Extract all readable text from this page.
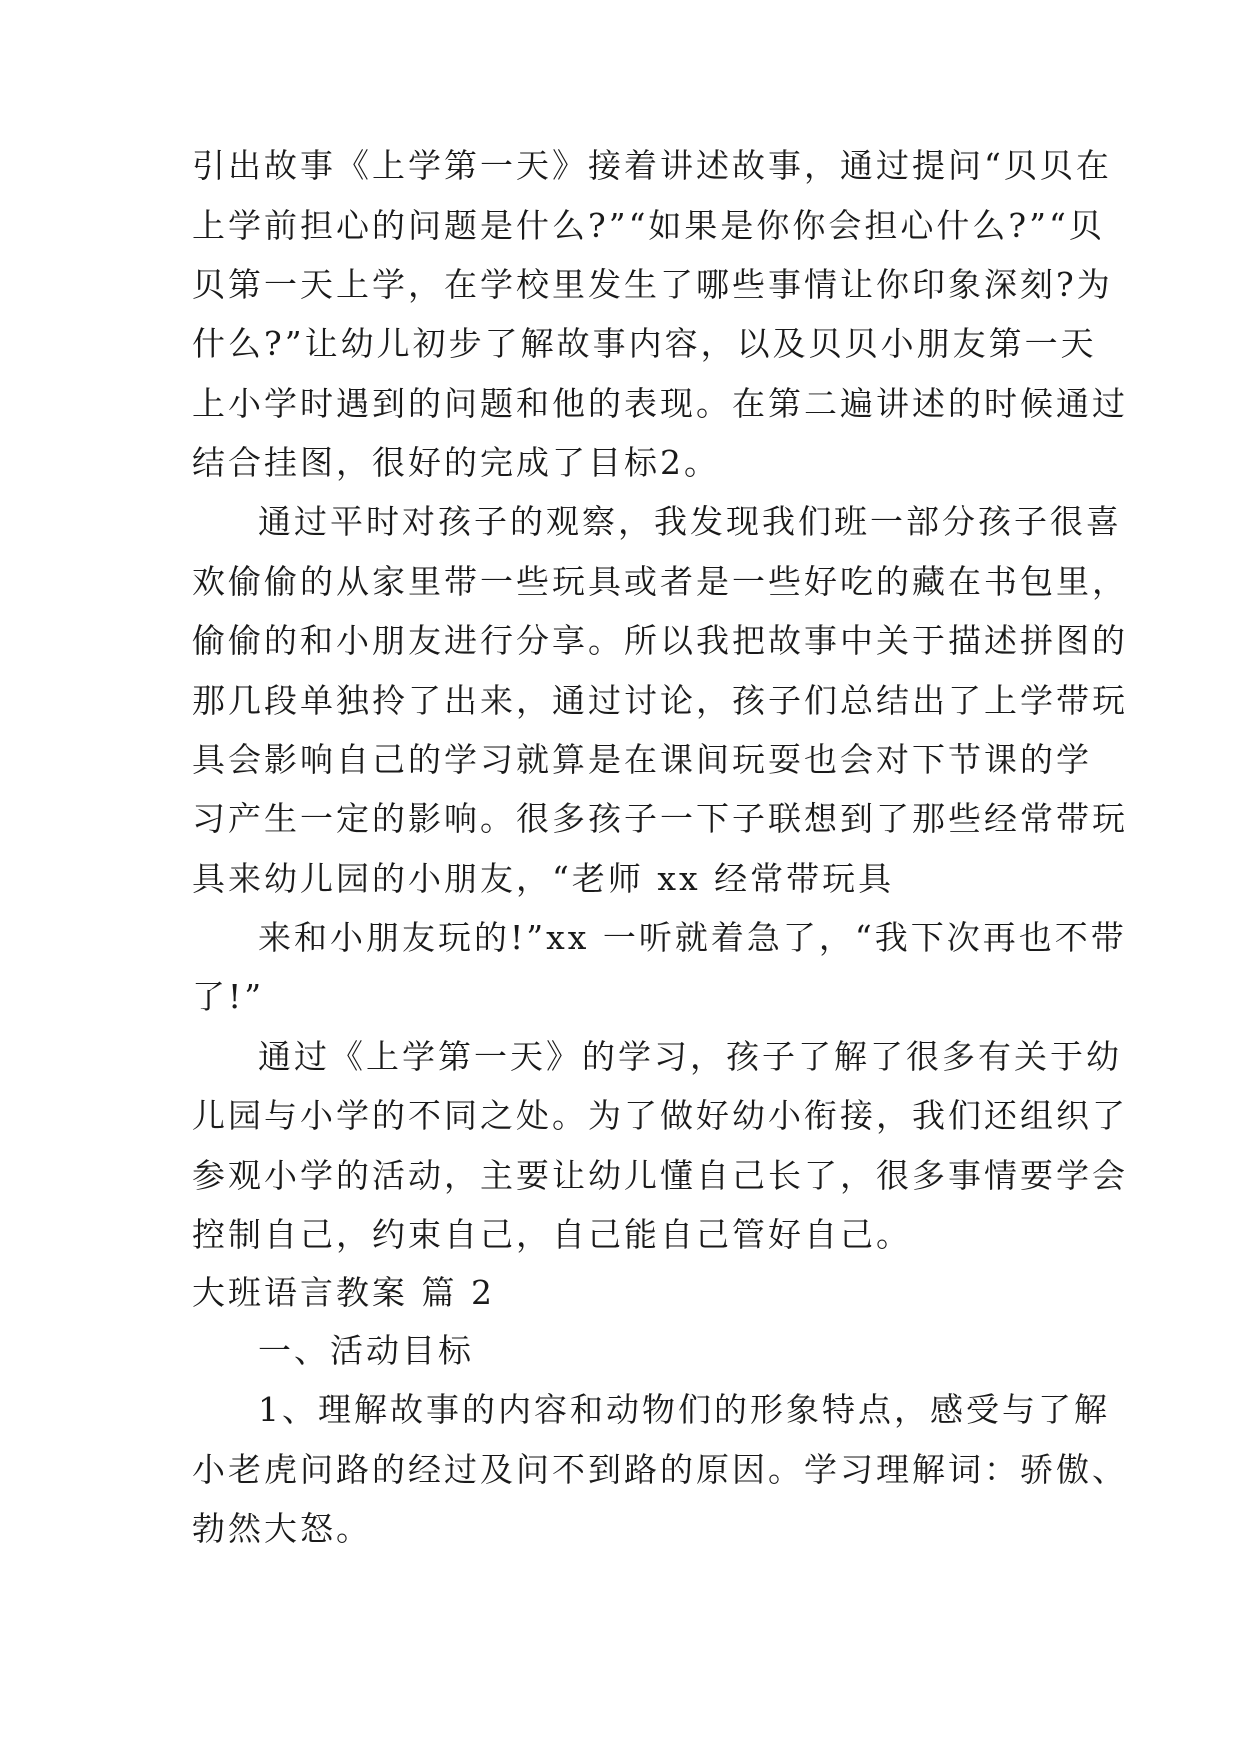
引出故事《上学第一天》接着讲述故事，通过提问“贝贝在
上学前担心的问题是什么?”“如果是你你会担心什么?”“贝
贝第一天上学，在学校里发生了哪些事情让你印象深刻?为
什么?”让幼儿初步了解故事内容，以及贝贝小朋友第一天
上小学时遇到的问题和他的表现。在第二遍讲述的时候通过
结合挂图，很好的完成了目标2。
通过平时对孩子的观察，我发现我们班一部分孩子很喜
欢偷偷的从家里带一些玩具或者是一些好吃的藏在书包里，
偷偷的和小朋友进行分享。所以我把故事中关于描述拼图的
那几段单独拎了出来，通过讨论，孩子们总结出了上学带玩
具会影响自己的学习就算是在课间玩耍也会对下节课的学
习产生一定的影响。很多孩子一下子联想到了那些经常带玩
具来幼儿园的小朋友，“老师 xx 经常带玩具
来和小朋友玩的!”xx 一听就着急了，“我下次再也不带
了!”
通过《上学第一天》的学习，孩子了解了很多有关于幼
儿园与小学的不同之处。为了做好幼小衔接，我们还组织了
参观小学的活动，主要让幼儿懂自己长了，很多事情要学会
控制自己，约束自己，自己能自己管好自己。
大班语言教案 篇 2
一、活动目标
1、理解故事的内容和动物们的形象特点，感受与了解
小老虎问路的经过及问不到路的原因。学习理解词：骄傲、
勃然大怒。
